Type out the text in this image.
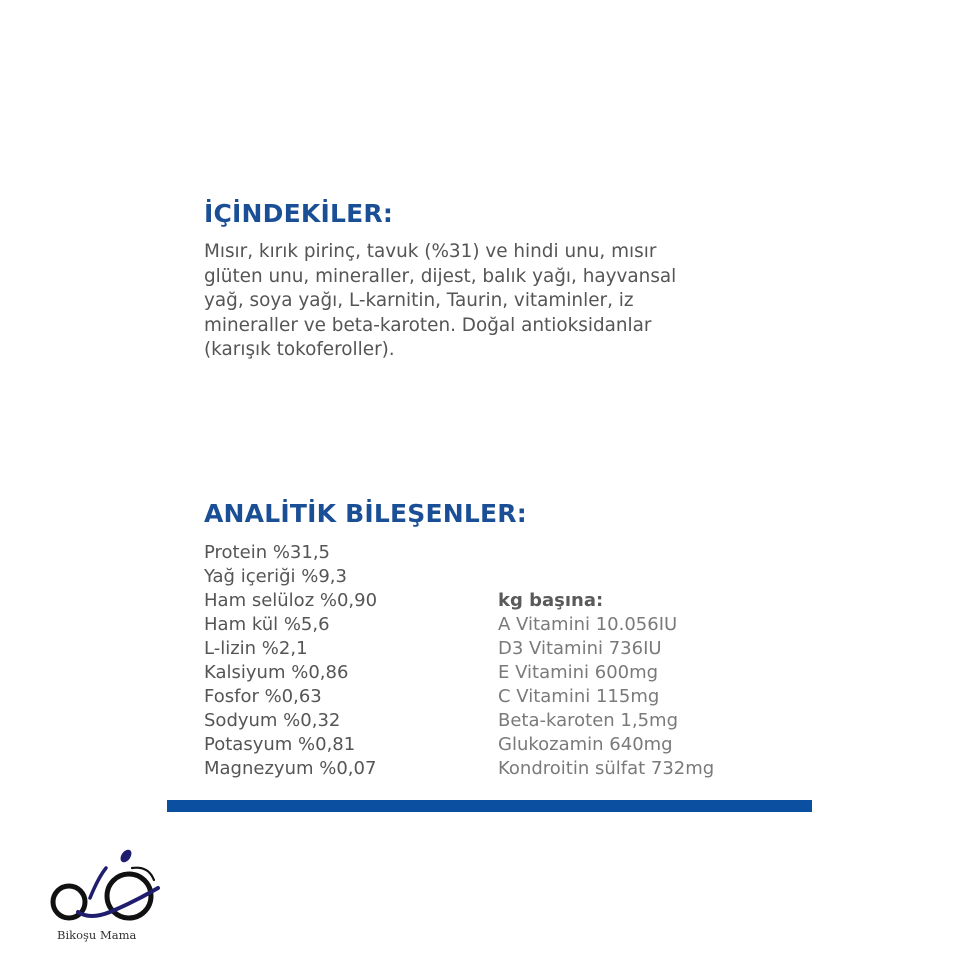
İÇİNDEKİLER:

Mısır, kırık pirinç, tavuk (%31) ve hindi unu, mısır
glüten unu, mineraller, dijest, balık yağı, hayvansal
yağ, soya yağı, L-karnitin, Taurin, vitaminler, iz
mineraller ve beta-karoten. Doğal antioksidanlar
(karışık tokoferoller).

ANALİTİK BİLEŞENLER:
Protein %31,5
Yağ içeriği %9,3
Ham selüloz %0,90
Ham kül %5,6
L-lizin %2,1
Kalsiyum %0,86
Fosfor %0,63
Sodyum %0,32
Potasyum %0,81
Magnezyum %0,07
kg başına:
A Vitamini 10.056IU
D3 Vitamini 736IU
E Vitamini 600mg
C Vitamini 115mg
Beta-karoten 1,5mg
Glukozamin 640mg
Kondroitin sülfat 732mg
Bikoşu Mama
